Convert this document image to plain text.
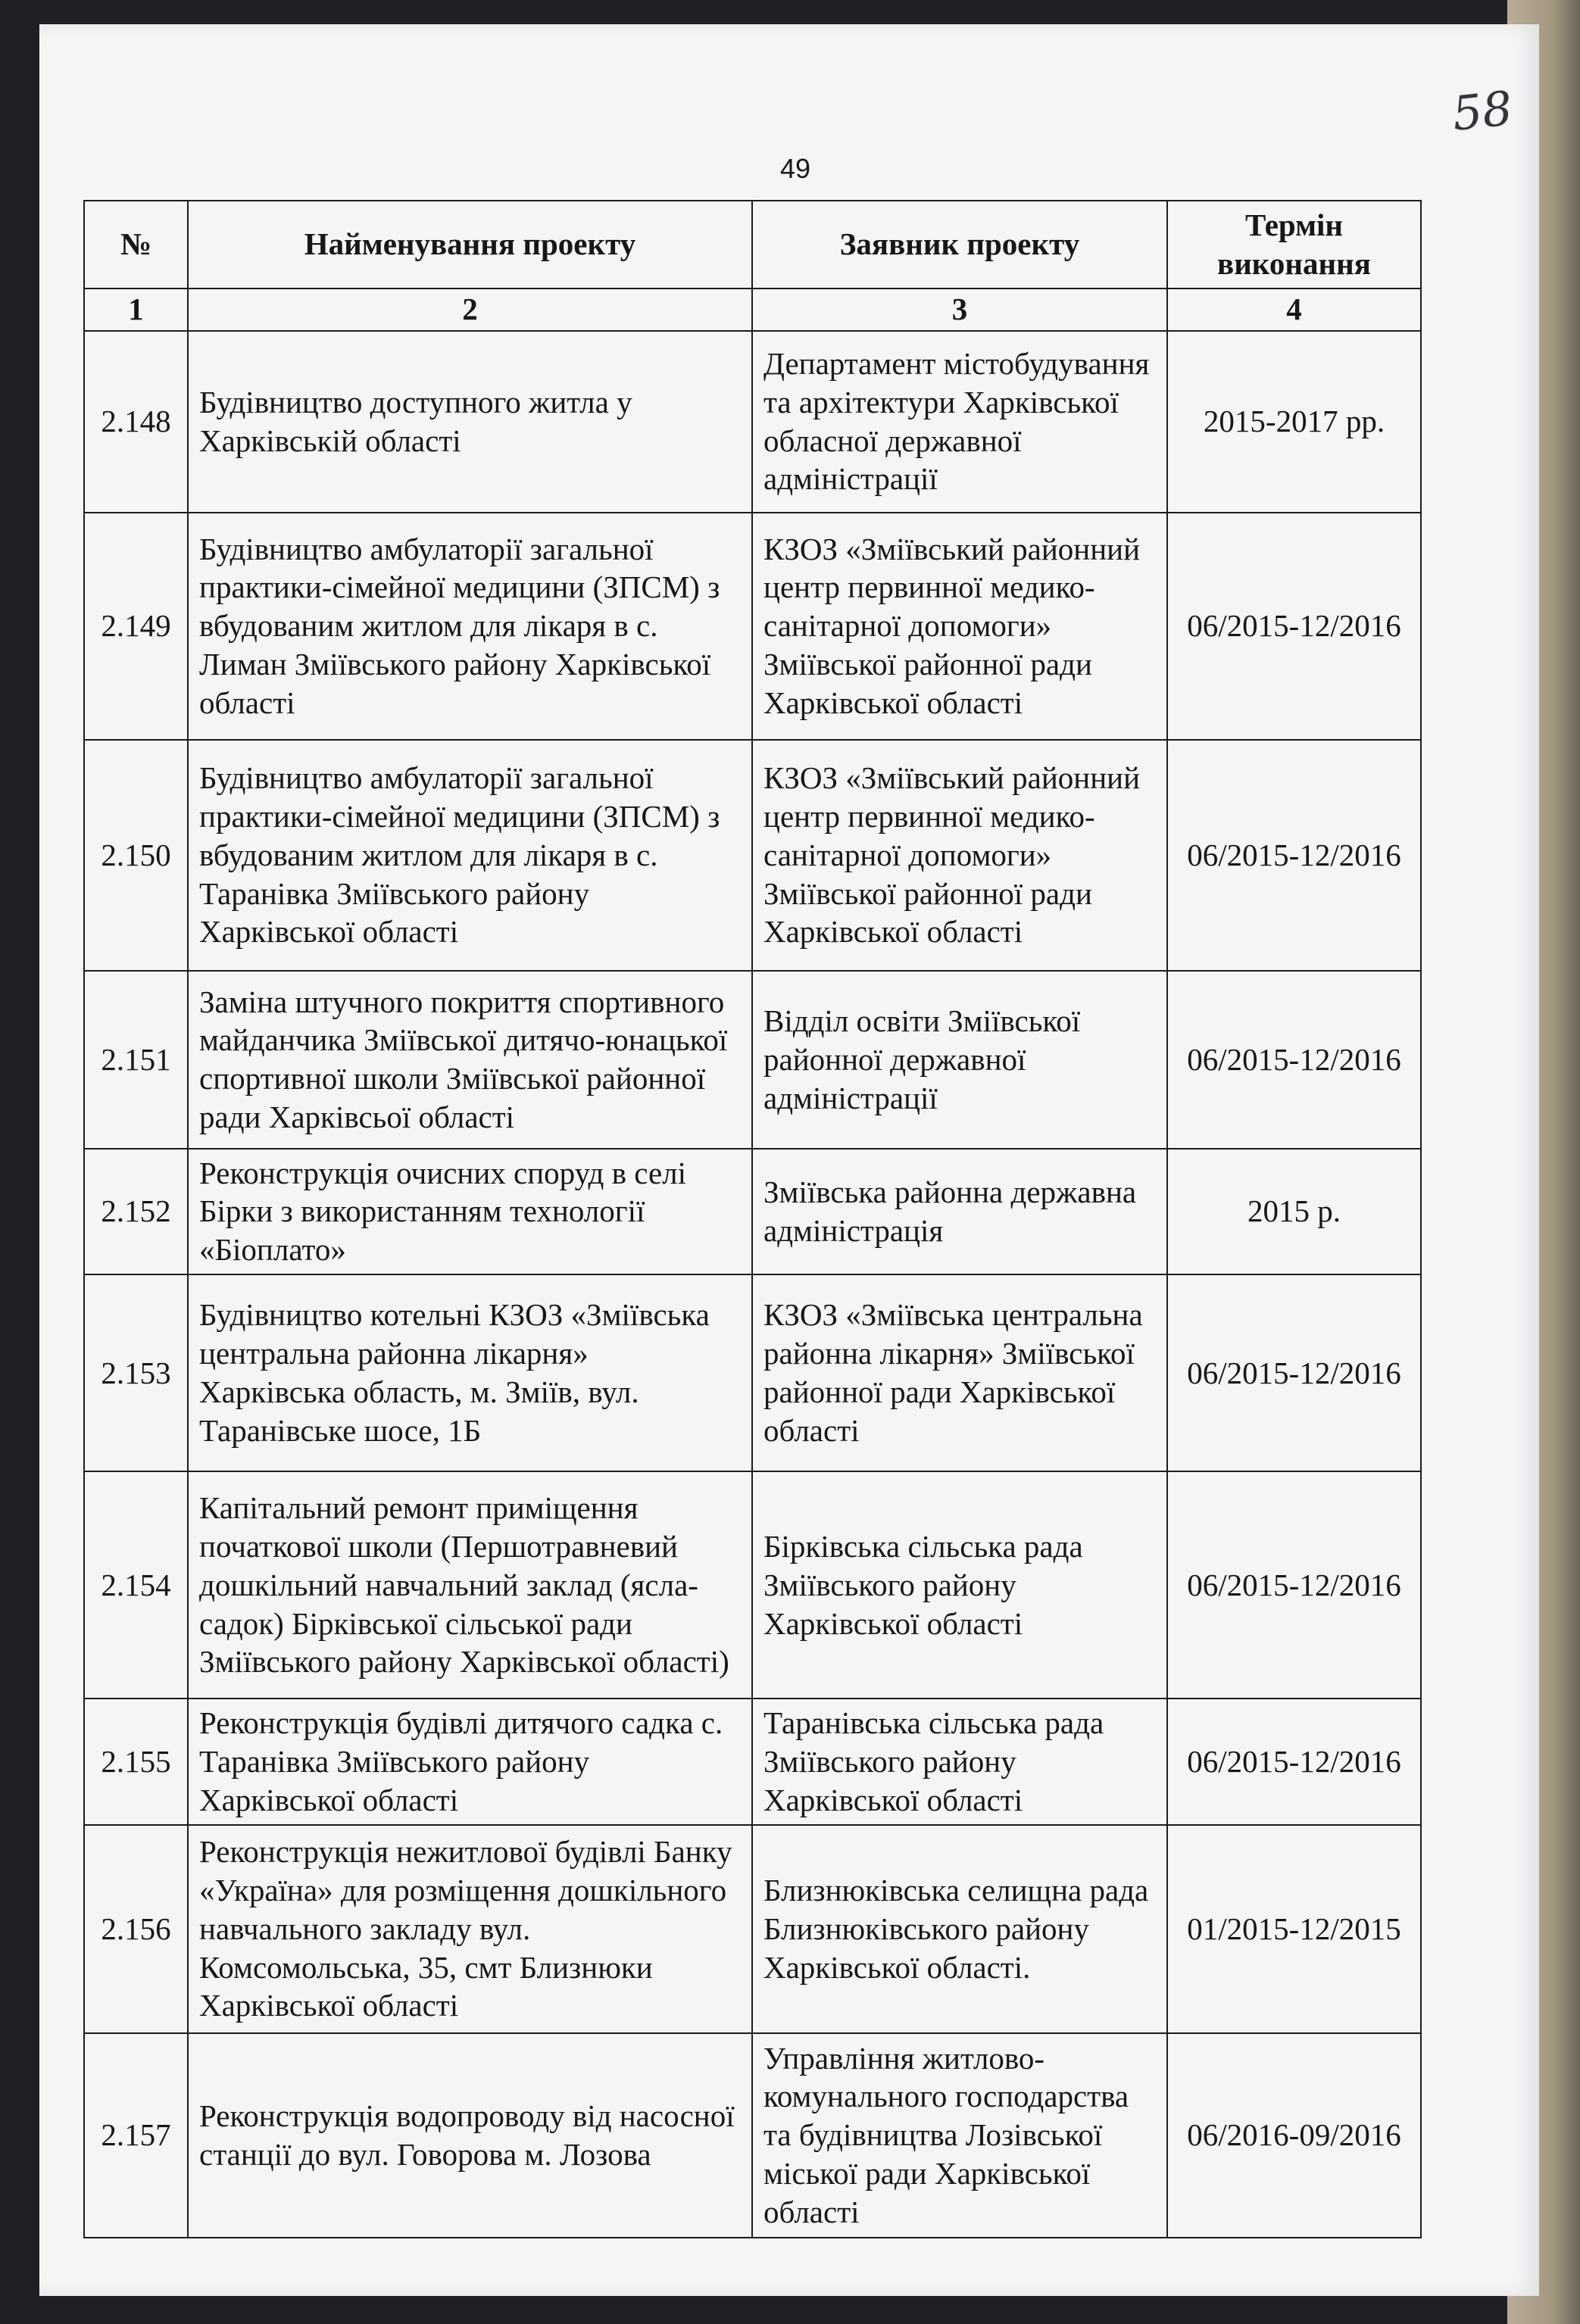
49
58
№	Найменування проекту	Заявник проекту	Термін виконання
1	2	3	4
2.148	Будівництво доступного житла у Харківській області	Департамент містобудування та архітектури Харківської обласної державної адміністрації	2015-2017 рр.
2.149	Будівництво амбулаторії загальної практики-сімейної медицини (ЗПСМ) з вбудованим житлом для лікаря в с. Лиман Зміївського району Харківської області	КЗОЗ «Зміївський районний центр первинної медико-санітарної допомоги» Зміївської районної ради Харківської області	06/2015-12/2016
2.150	Будівництво амбулаторії загальної практики-сімейної медицини (ЗПСМ) з вбудованим житлом для лікаря в с. Таранівка Зміївського району Харківської області	КЗОЗ «Зміївський районний центр первинної медико-санітарної допомоги» Зміївської районної ради Харківської області	06/2015-12/2016
2.151	Заміна штучного покриття спортивного майданчика Зміївської дитячо-юнацької спортивної школи Зміївської районної ради Харківсьої області	Відділ освіти Зміївської районної державної адміністрації	06/2015-12/2016
2.152	Реконструкція очисних споруд в селі Бірки з використанням технології «Біоплато»	Зміївська районна державна адміністрація	2015 р.
2.153	Будівництво котельні КЗОЗ «Зміївська центральна районна лікарня» Харківська область, м. Зміїв, вул. Таранівське шосе, 1Б	КЗОЗ «Зміївська центральна районна лікарня» Зміївської районної ради Харківської області	06/2015-12/2016
2.154	Капітальний ремонт приміщення початкової школи (Першотравневий дошкільний навчальний заклад (ясла-садок) Бірківської сільської ради Зміївського району Харківської області)	Бірківська сільська рада Зміївського району Харківської області	06/2015-12/2016
2.155	Реконструкція будівлі дитячого садка с. Таранівка Зміївського району Харківської області	Таранівська сільська рада Зміївського району Харківської області	06/2015-12/2016
2.156	Реконструкція нежитлової будівлі Банку «Україна» для розміщення дошкільного навчального закладу вул. Комсомольська, 35, смт Близнюки Харківської області	Близнюківська селищна рада Близнюківського району Харківської області.	01/2015-12/2015
2.157	Реконструкція водопроводу від насосної станції до вул. Говорова м. Лозова	Управління житлово-комунального господарства та будівництва Лозівської міської ради Харківської області	06/2016-09/2016
